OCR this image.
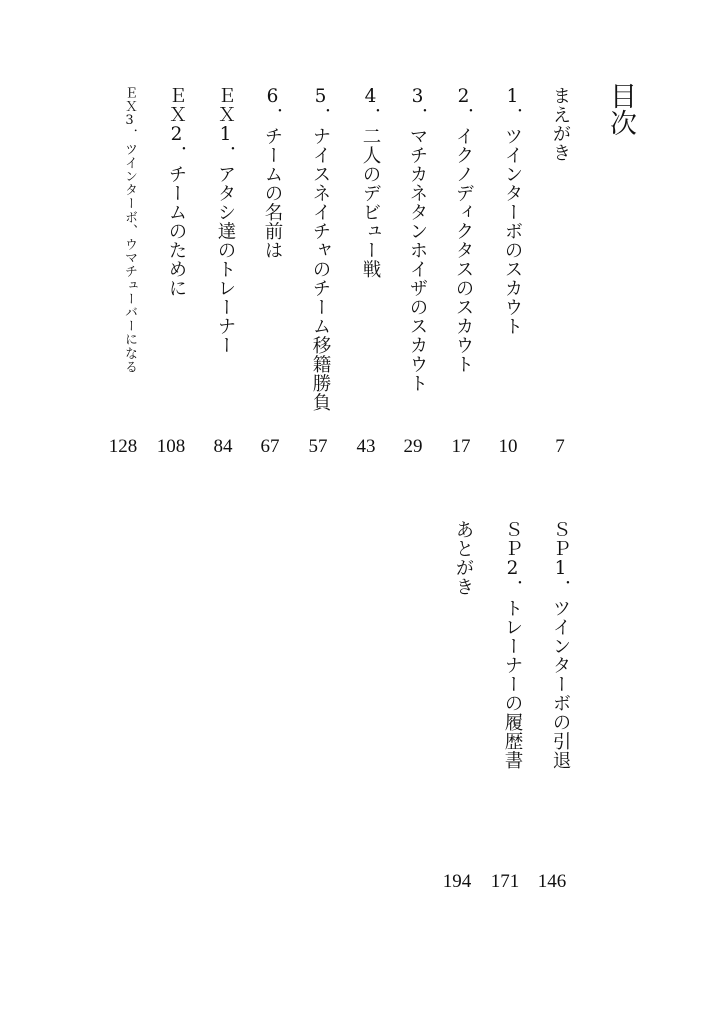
目次
まえがき
7
1．ツインターボのスカウト
10
2．イクノディクタスのスカウト
17
3．マチカネタンホイザのスカウト
29
4．二人のデビュー戦
43
5．ナイスネイチャのチーム移籍勝負
57
6．チームの名前は
67
ＥＸ1．アタシ達のトレーナー
84
ＥＸ2．チームのために
108
ＥＸ3．ツインターボ、ウマチューバーになる
128
ＳＰ1．ツインターボの引退
146
ＳＰ2．トレーナーの履歴書
171
あとがき
194
